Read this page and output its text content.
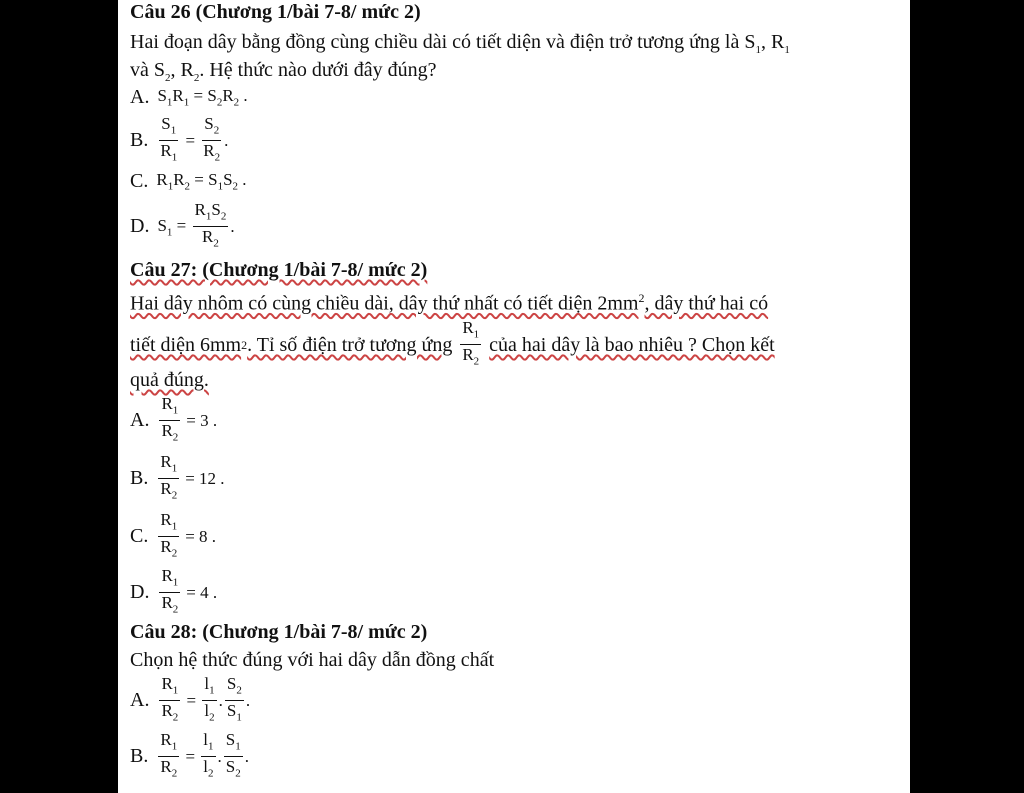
Câu 26 (Chương 1/bài 7-8/ mức 2)
Hai đoạn dây bằng đồng cùng chiều dài có tiết diện và điện trở tương ứng là $S_1$, $R_1$
và $S_2$, $R_2$. Hệ thức nào dưới đây đúng?
A. $S_1R_1 = S_2R_2$ .
B. $\frac{S_1}{R_1} = \frac{S_2}{R_2}$ .
C. $R_1R_2 = S_1S_2$ .
D. $S_1 = \frac{R_1S_2}{R_2}$ .
Câu 27: (Chương 1/bài 7-8/ mức 2)
Hai dây nhôm có cùng chiều dài, dây thứ nhất có tiết diện $2mm^2$, dây thứ hai có
tiết diện 6mm 2 . Tỉ số điện trở tương ứng $\frac{R_1}{R_2}$ của hai dây là bao nhiêu ? Chọn kết
quả đúng.
A. $\frac{R_1}{R_2} = 3$ .
B. $\frac{R_1}{R_2} = 12$ .
C. $\frac{R_1}{R_2} = 8$ .
D. $\frac{R_1}{R_2} = 4$ .
Câu 28: (Chương 1/bài 7-8/ mức 2)
Chọn hệ thức đúng với hai dây dẫn đồng chất
A. $\frac{R_1}{R_2} = \frac{l_1}{l_2}$ . $\frac{S_2}{S_1}$ .
B. $\frac{R_1}{R_2} = \frac{l_1}{l_2}$ . $\frac{S_1}{S_2}$ .
